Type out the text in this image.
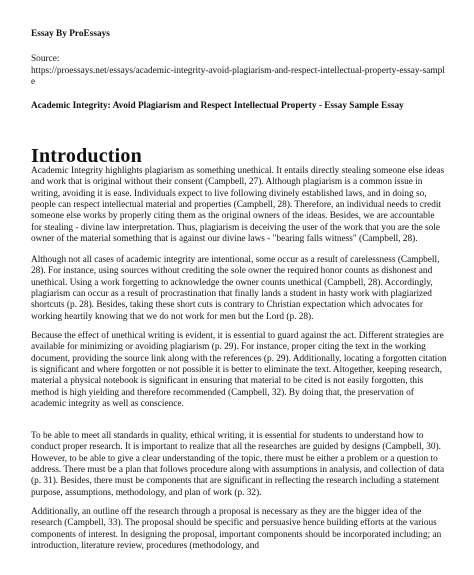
Essay By ProEssays
Source:
https://proessays.net/essays/academic-integrity-avoid-plagiarism-and-respect-intellectual-property-essay-sample
Academic Integrity: Avoid Plagiarism and Respect Intellectual Property - Essay Sample Essay
Introduction

Academic Integrity highlights plagiarism as something unethical. It entails directly stealing someone else ideas and work that is original without their consent (Campbell, 27). Although plagiarism is a common issue in writing, avoiding it is ease. Individuals expect to live following divinely established laws, and in doing so, people can respect intellectual material and properties (Campbell, 28). Therefore, an individual needs to credit someone else works by properly citing them as the original owners of the ideas. Besides, we are accountable for stealing - divine law interpretation. Thus, plagiarism is deceiving the user of the work that you are the sole owner of the material something that is against our divine laws - "bearing falls witness" (Campbell, 28).

Although not all cases of academic integrity are intentional, some occur as a result of carelessness (Campbell, 28). For instance, using sources without crediting the sole owner the required honor counts as dishonest and unethical. Using a work forgetting to acknowledge the owner counts unethical (Campbell, 28). Accordingly, plagiarism can occur as a result of procrastination that finally lands a student in hasty work with plagiarized shortcuts (p. 28). Besides, taking these short cuts is contrary to Christian expectation which advocates for working heartily knowing that we do not work for men but the Lord (p. 28).

Because the effect of unethical writing is evident, it is essential to guard against the act. Different strategies are available for minimizing or avoiding plagiarism (p. 29). For instance, proper citing the text in the working document, providing the source link along with the references (p. 29). Additionally, locating a forgotten citation is significant and where forgotten or not possible it is better to eliminate the text. Altogether, keeping research, material a physical notebook is significant in ensuring that material to be cited is not easily forgotten, this method is high yielding and therefore recommended (Campbell, 32). By doing that, the preservation of academic integrity as well as conscience.

To be able to meet all standards in quality, ethical writing, it is essential for students to understand how to conduct proper research. It is important to realize that all the researches are guided by designs (Campbell, 30). However, to be able to give a clear understanding of the topic, there must be either a problem or a question to address. There must be a plan that follows procedure along with assumptions in analysis, and collection of data (p. 31). Besides, there must be components that are significant in reflecting the research including a statement purpose, assumptions, methodology, and plan of work (p. 32).

Additionally, an outline off the research through a proposal is necessary as they are the bigger idea of the research (Campbell, 33). The proposal should be specific and persuasive hence building efforts at the various components of interest. In designing the proposal, important components should be incorporated including; an introduction, literature review, procedures (methodology, and
